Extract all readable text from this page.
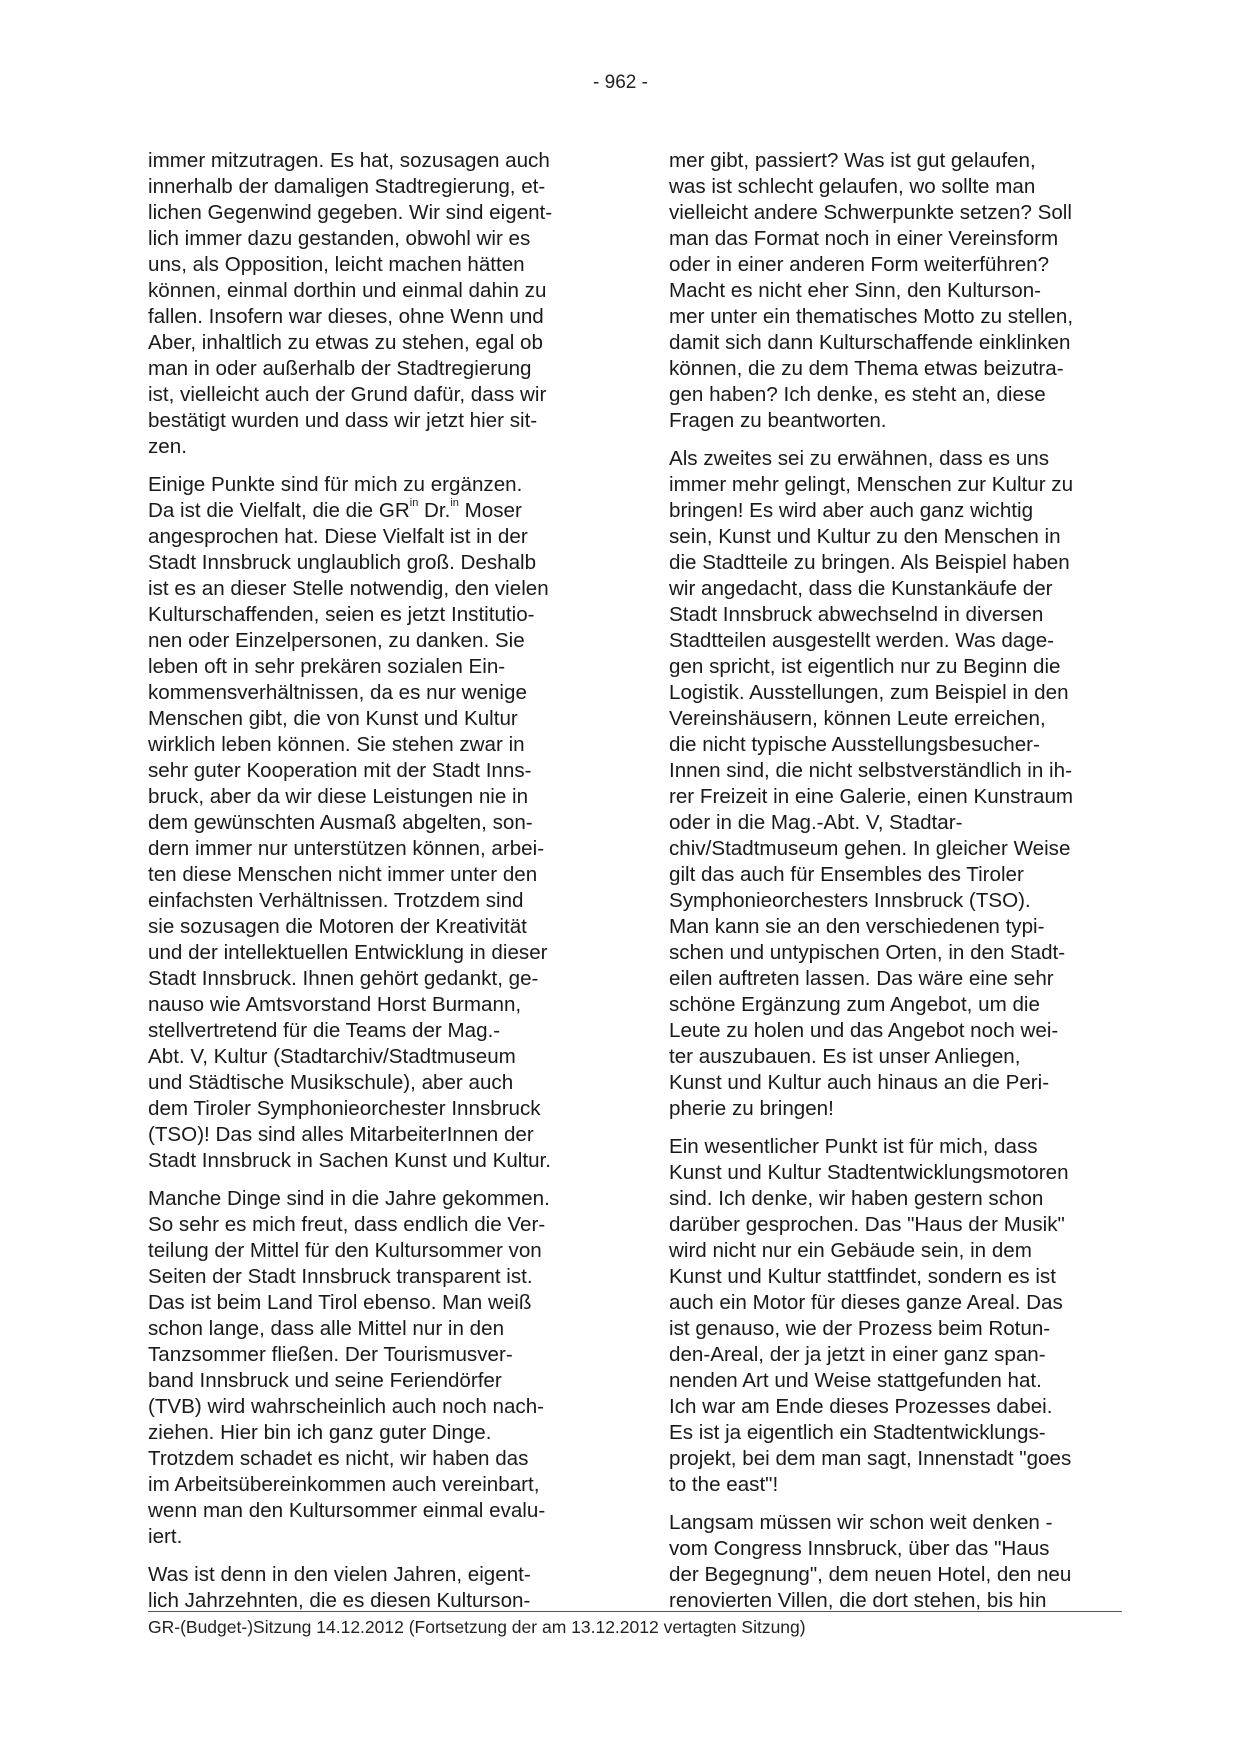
- 962 -
immer mitzutragen. Es hat, sozusagen auch
innerhalb der damaligen Stadtregierung, et-
lichen Gegenwind gegeben. Wir sind eigent-
lich immer dazu gestanden, obwohl wir es
uns, als Opposition, leicht machen hätten
können, einmal dorthin und einmal dahin zu
fallen. Insofern war dieses, ohne Wenn und
Aber, inhaltlich zu etwas zu stehen, egal ob
man in oder außerhalb der Stadtregierung
ist, vielleicht auch der Grund dafür, dass wir
bestätigt wurden und dass wir jetzt hier sit-
zen.
Einige Punkte sind für mich zu ergänzen.
Da ist die Vielfalt, die die $GR^{in}$ Dr.$^{in}$ Moser
angesprochen hat. Diese Vielfalt ist in der
Stadt Innsbruck unglaublich groß. Deshalb
ist es an dieser Stelle notwendig, den vielen
Kulturschaffenden, seien es jetzt Institutio-
nen oder Einzelpersonen, zu danken. Sie
leben oft in sehr prekären sozialen Ein-
kommensverhältnissen, da es nur wenige
Menschen gibt, die von Kunst und Kultur
wirklich leben können. Sie stehen zwar in
sehr guter Kooperation mit der Stadt Inns-
bruck, aber da wir diese Leistungen nie in
dem gewünschten Ausmaß abgelten, son-
dern immer nur unterstützen können, arbei-
ten diese Menschen nicht immer unter den
einfachsten Verhältnissen. Trotzdem sind
sie sozusagen die Motoren der Kreativität
und der intellektuellen Entwicklung in dieser
Stadt Innsbruck. Ihnen gehört gedankt, ge-
nauso wie Amtsvorstand Horst Burmann,
stellvertretend für die Teams der Mag.-
Abt. V, Kultur (Stadtarchiv/Stadtmuseum
und Städtische Musikschule), aber auch
dem Tiroler Symphonieorchester Innsbruck
(TSO)! Das sind alles MitarbeiterInnen der
Stadt Innsbruck in Sachen Kunst und Kultur.
Manche Dinge sind in die Jahre gekommen.
So sehr es mich freut, dass endlich die Ver-
teilung der Mittel für den Kultursommer von
Seiten der Stadt Innsbruck transparent ist.
Das ist beim Land Tirol ebenso. Man weiß
schon lange, dass alle Mittel nur in den
Tanzsommer fließen. Der Tourismusver-
band Innsbruck und seine Feriendörfer
(TVB) wird wahrscheinlich auch noch nach-
ziehen. Hier bin ich ganz guter Dinge.
Trotzdem schadet es nicht, wir haben das
im Arbeitsübereinkommen auch vereinbart,
wenn man den Kultursommer einmal evalu-
iert.
Was ist denn in den vielen Jahren, eigent-
lich Jahrzehnten, die es diesen Kulturson-
mer gibt, passiert? Was ist gut gelaufen,
was ist schlecht gelaufen, wo sollte man
vielleicht andere Schwerpunkte setzen? Soll
man das Format noch in einer Vereinsform
oder in einer anderen Form weiterführen?
Macht es nicht eher Sinn, den Kulturson-
mer unter ein thematisches Motto zu stellen,
damit sich dann Kulturschaffende einklinken
können, die zu dem Thema etwas beizutra-
gen haben? Ich denke, es steht an, diese
Fragen zu beantworten.
Als zweites sei zu erwähnen, dass es uns
immer mehr gelingt, Menschen zur Kultur zu
bringen! Es wird aber auch ganz wichtig
sein, Kunst und Kultur zu den Menschen in
die Stadtteile zu bringen. Als Beispiel haben
wir angedacht, dass die Kunstankäufe der
Stadt Innsbruck abwechselnd in diversen
Stadtteilen ausgestellt werden. Was dage-
gen spricht, ist eigentlich nur zu Beginn die
Logistik. Ausstellungen, zum Beispiel in den
Vereinshäusern, können Leute erreichen,
die nicht typische Ausstellungsbesucher-
Innen sind, die nicht selbstverständlich in ih-
rer Freizeit in eine Galerie, einen Kunstraum
oder in die Mag.-Abt. V, Stadtar-
chiv/Stadtmuseum gehen. In gleicher Weise
gilt das auch für Ensembles des Tiroler
Symphonieorchesters Innsbruck (TSO).
Man kann sie an den verschiedenen typi-
schen und untypischen Orten, in den Stadt-
eilen auftreten lassen. Das wäre eine sehr
schöne Ergänzung zum Angebot, um die
Leute zu holen und das Angebot noch wei-
ter auszubauen. Es ist unser Anliegen,
Kunst und Kultur auch hinaus an die Peri-
pherie zu bringen!
Ein wesentlicher Punkt ist für mich, dass
Kunst und Kultur Stadtentwicklungsmotoren
sind. Ich denke, wir haben gestern schon
darüber gesprochen. Das "Haus der Musik"
wird nicht nur ein Gebäude sein, in dem
Kunst und Kultur stattfindet, sondern es ist
auch ein Motor für dieses ganze Areal. Das
ist genauso, wie der Prozess beim Rotun-
den-Areal, der ja jetzt in einer ganz span-
nenden Art und Weise stattgefunden hat.
Ich war am Ende dieses Prozesses dabei.
Es ist ja eigentlich ein Stadtentwicklungs-
projekt, bei dem man sagt, Innenstadt "goes
to the east"!
Langsam müssen wir schon weit denken -
vom Congress Innsbruck, über das "Haus
der Begegnung", dem neuen Hotel, den neu
renovierten Villen, die dort stehen, bis hin
GR-(Budget-)Sitzung 14.12.2012 (Fortsetzung der am 13.12.2012 vertagten Sitzung)
